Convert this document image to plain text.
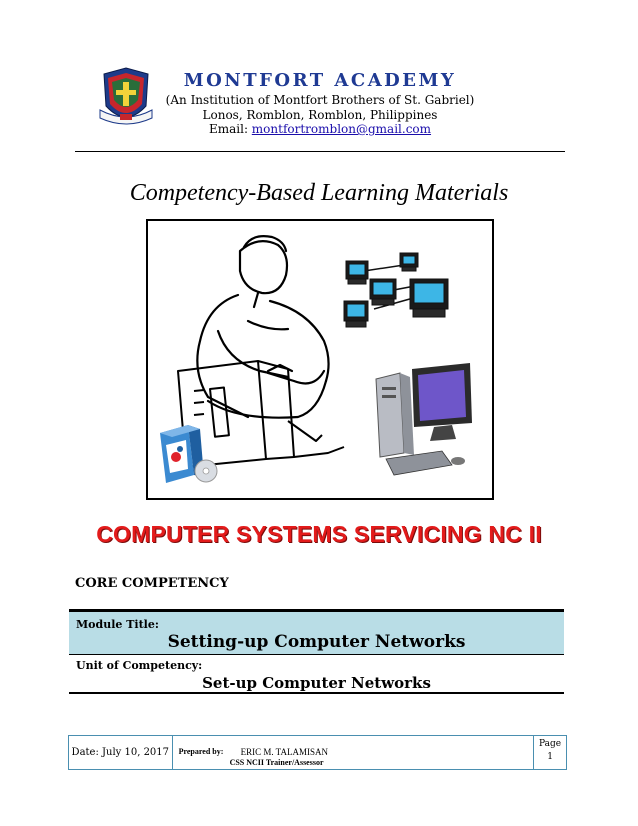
MONTFORT ACADEMY
(An Institution of Montfort Brothers of St. Gabriel)
Lonos, Romblon, Romblon, Philippines
Email: montfortromblon@gmail.com
Competency-Based Learning Materials
COMPUTER SYSTEMS SERVICING NC II
CORE COMPETENCY
Module Title:
Setting-up Computer Networks
Unit of Competency:
Set-up Computer Networks
Date: July 10, 2017	Prepared by: ERIC M. TALAMISAN
CSS NCII Trainer/Assessor
Page
1
